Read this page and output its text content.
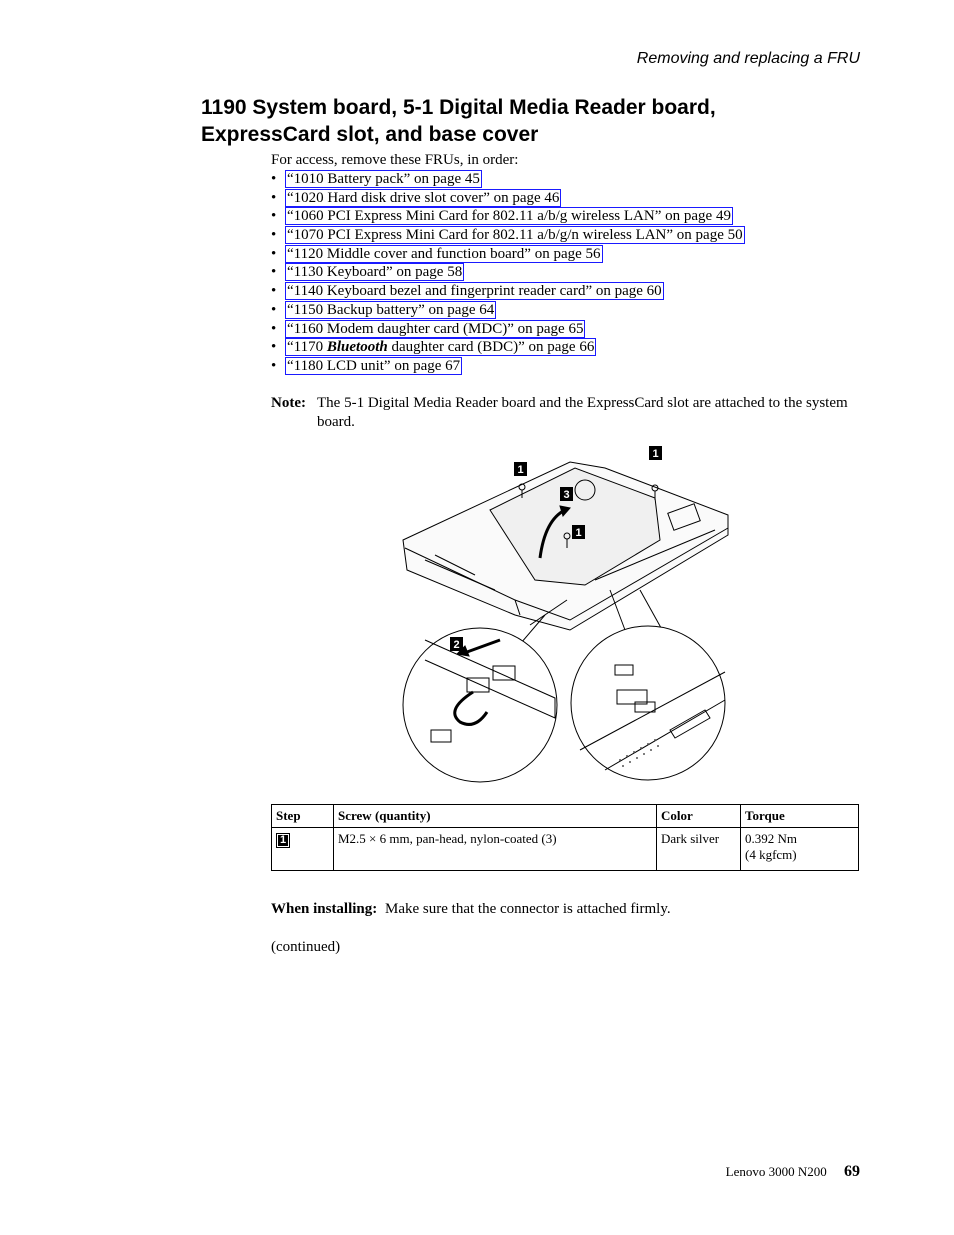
Removing and replacing a FRU
1190 System board, 5-1 Digital Media Reader board, ExpressCard slot, and base cover
For access, remove these FRUs, in order:
• “1010 Battery pack” on page 45
• “1020 Hard disk drive slot cover” on page 46
• “1060 PCI Express Mini Card for 802.11 a/b/g wireless LAN” on page 49
• “1070 PCI Express Mini Card for 802.11 a/b/g/n wireless LAN” on page 50
• “1120 Middle cover and function board” on page 56
• “1130 Keyboard” on page 58
• “1140 Keyboard bezel and fingerprint reader card” on page 60
• “1150 Backup battery” on page 64
• “1160 Modem daughter card (MDC)” on page 65
• “1170 Bluetooth daughter card (BDC)” on page 66
• “1180 LCD unit” on page 67
Note: The 5-1 Digital Media Reader board and the ExpressCard slot are attached to the system board.
1
1
3
1
2
Step	Screw (quantity)	Color	Torque
1	M2.5 × 6 mm, pan-head, nylon-coated (3)	Dark silver	0.392 Nm
(4 kgfcm)
When installing: Make sure that the connector is attached firmly.
(continued)
Lenovo 3000 N200 69
